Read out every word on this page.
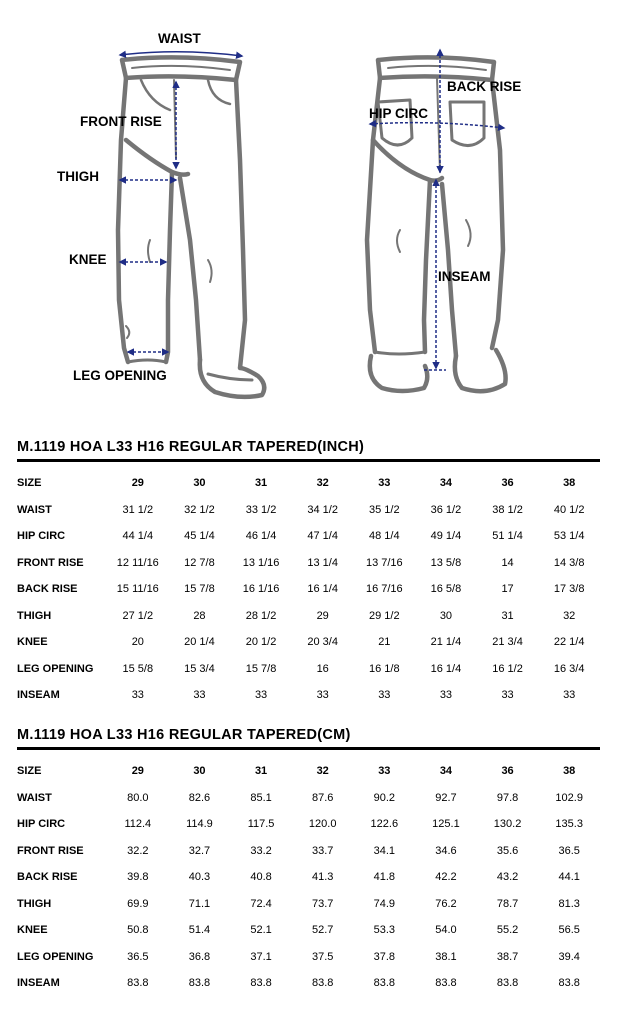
WAIST
FRONT RISE
THIGH
KNEE
LEG OPENING
BACK RISE
HIP CIRC
INSEAM
M.1119 HOA L33 H16 REGULAR TAPERED(INCH)
SIZE	29	30	31	32	33	34	36	38
WAIST	31 1/2	32 1/2	33 1/2	34 1/2	35 1/2	36 1/2	38 1/2	40 1/2
HIP CIRC	44 1/4	45 1/4	46 1/4	47 1/4	48 1/4	49 1/4	51 1/4	53 1/4
FRONT RISE	12 11/16	12 7/8	13 1/16	13 1/4	13 7/16	13 5/8	14	14 3/8
BACK RISE	15 11/16	15 7/8	16 1/16	16 1/4	16 7/16	16 5/8	17	17 3/8
THIGH	27 1/2	28	28 1/2	29	29 1/2	30	31	32
KNEE	20	20 1/4	20 1/2	20 3/4	21	21 1/4	21 3/4	22 1/4
LEG OPENING	15 5/8	15 3/4	15 7/8	16	16 1/8	16 1/4	16 1/2	16 3/4
INSEAM	33	33	33	33	33	33	33	33
M.1119 HOA L33 H16 REGULAR TAPERED(CM)
SIZE	29	30	31	32	33	34	36	38
WAIST	80.0	82.6	85.1	87.6	90.2	92.7	97.8	102.9
HIP CIRC	112.4	114.9	117.5	120.0	122.6	125.1	130.2	135.3
FRONT RISE	32.2	32.7	33.2	33.7	34.1	34.6	35.6	36.5
BACK RISE	39.8	40.3	40.8	41.3	41.8	42.2	43.2	44.1
THIGH	69.9	71.1	72.4	73.7	74.9	76.2	78.7	81.3
KNEE	50.8	51.4	52.1	52.7	53.3	54.0	55.2	56.5
LEG OPENING	36.5	36.8	37.1	37.5	37.8	38.1	38.7	39.4
INSEAM	83.8	83.8	83.8	83.8	83.8	83.8	83.8	83.8
